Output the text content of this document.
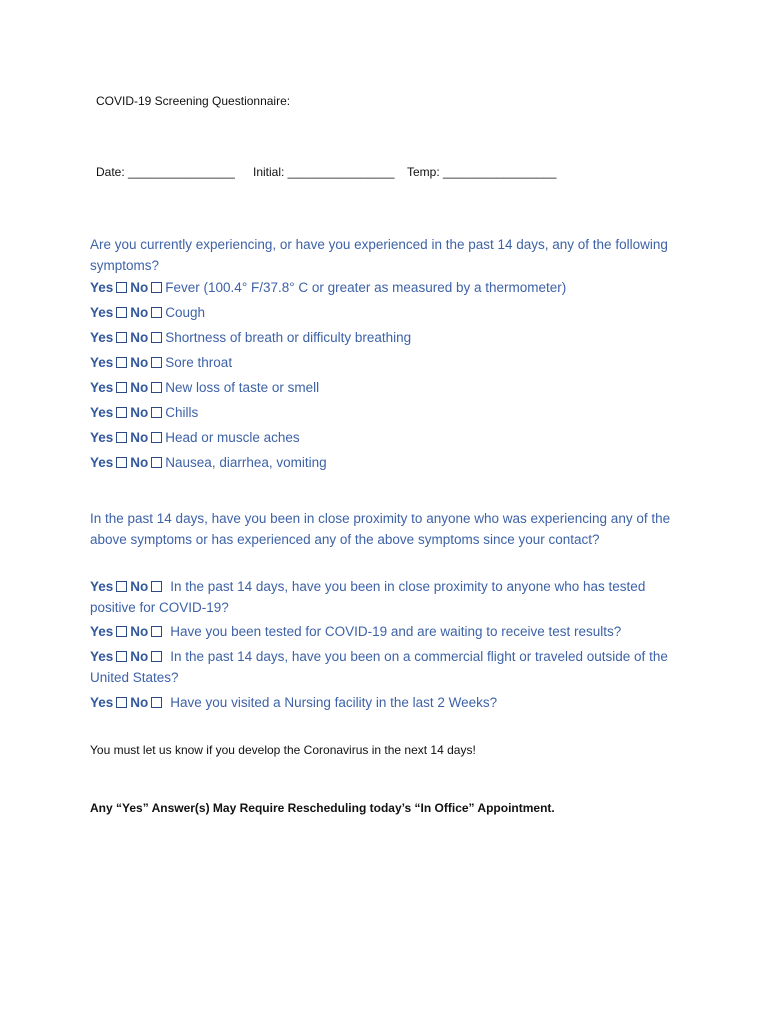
COVID-19 Screening Questionnaire:
Date: ________________ Initial: ________________ Temp: _________________
Are you currently experiencing, or have you experienced in the past 14 days, any of the following symptoms?
Yes No Fever (100.4° F/37.8° C or greater as measured by a thermometer)
Yes No Cough
Yes No Shortness of breath or difficulty breathing
Yes No Sore throat
Yes No New loss of taste or smell
Yes No Chills
Yes No Head or muscle aches
Yes No Nausea, diarrhea, vomiting
In the past 14 days, have you been in close proximity to anyone who was experiencing any of the above symptoms or has experienced any of the above symptoms since your contact?
Yes No In the past 14 days, have you been in close proximity to anyone who has tested positive for COVID-19?
Yes No Have you been tested for COVID-19 and are waiting to receive test results?
Yes No In the past 14 days, have you been on a commercial flight or traveled outside of the United States?
Yes No Have you visited a Nursing facility in the last 2 Weeks?
You must let us know if you develop the Coronavirus in the next 14 days!
Any “Yes” Answer(s) May Require Rescheduling today’s “In Office” Appointment.
